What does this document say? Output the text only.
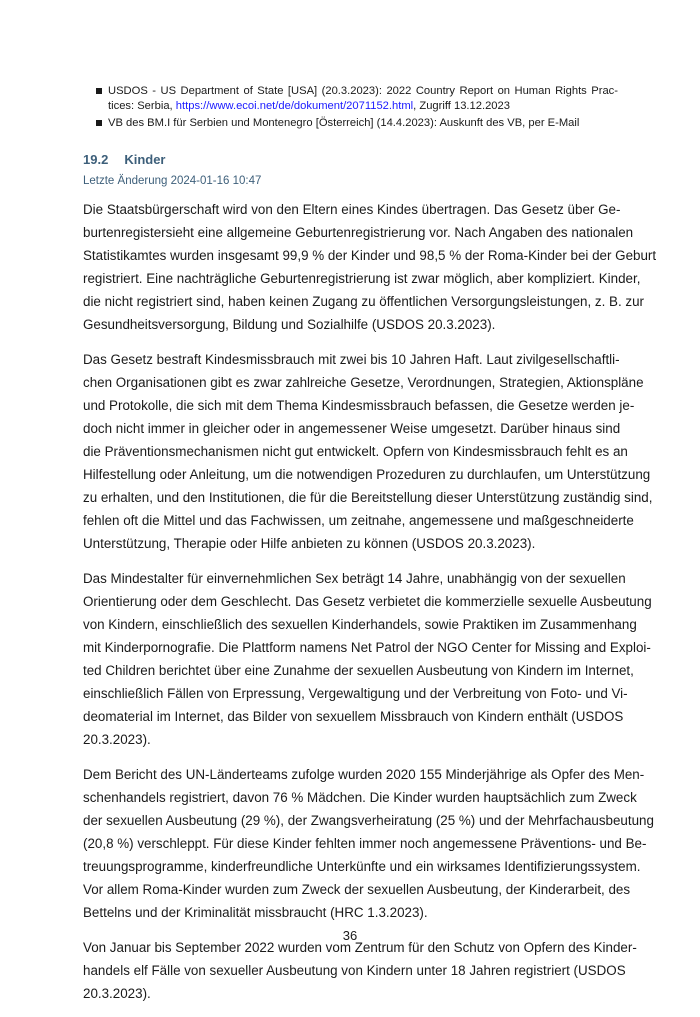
USDOS - US Department of State [USA] (20.3.2023): 2022 Country Report on Human Rights Prac-
tices: Serbia, https://www.ecoi.net/de/dokument/2071152.html, Zugriff 13.12.2023
VB des BM.I für Serbien und Montenegro [Österreich] (14.4.2023): Auskunft des VB, per E-Mail
19.2 Kinder
Letzte Änderung 2024-01-16 10:47
Die Staatsbürgerschaft wird von den Eltern eines Kindes übertragen. Das Gesetz über Ge-
burtenregistersieht eine allgemeine Geburtenregistrierung vor. Nach Angaben des nationalen
Statistikamtes wurden insgesamt 99,9 % der Kinder und 98,5 % der Roma-Kinder bei der Geburt
registriert. Eine nachträgliche Geburtenregistrierung ist zwar möglich, aber kompliziert. Kinder,
die nicht registriert sind, haben keinen Zugang zu öffentlichen Versorgungsleistungen, z. B. zur
Gesundheitsversorgung, Bildung und Sozialhilfe (USDOS 20.3.2023).
Das Gesetz bestraft Kindesmissbrauch mit zwei bis 10 Jahren Haft. Laut zivilgesellschaftli-
chen Organisationen gibt es zwar zahlreiche Gesetze, Verordnungen, Strategien, Aktionspläne
und Protokolle, die sich mit dem Thema Kindesmissbrauch befassen, die Gesetze werden je-
doch nicht immer in gleicher oder in angemessener Weise umgesetzt. Darüber hinaus sind
die Präventionsmechanismen nicht gut entwickelt. Opfern von Kindesmissbrauch fehlt es an
Hilfestellung oder Anleitung, um die notwendigen Prozeduren zu durchlaufen, um Unterstützung
zu erhalten, und den Institutionen, die für die Bereitstellung dieser Unterstützung zuständig sind,
fehlen oft die Mittel und das Fachwissen, um zeitnahe, angemessene und maßgeschneiderte
Unterstützung, Therapie oder Hilfe anbieten zu können (USDOS 20.3.2023).
Das Mindestalter für einvernehmlichen Sex beträgt 14 Jahre, unabhängig von der sexuellen
Orientierung oder dem Geschlecht. Das Gesetz verbietet die kommerzielle sexuelle Ausbeutung
von Kindern, einschließlich des sexuellen Kinderhandels, sowie Praktiken im Zusammenhang
mit Kinderpornografie. Die Plattform namens Net Patrol der NGO Center for Missing and Exploi-
ted Children berichtet über eine Zunahme der sexuellen Ausbeutung von Kindern im Internet,
einschließlich Fällen von Erpressung, Vergewaltigung und der Verbreitung von Foto- und Vi-
deomaterial im Internet, das Bilder von sexuellem Missbrauch von Kindern enthält (USDOS
20.3.2023).
Dem Bericht des UN-Länderteams zufolge wurden 2020 155 Minderjährige als Opfer des Men-
schenhandels registriert, davon 76 % Mädchen. Die Kinder wurden hauptsächlich zum Zweck
der sexuellen Ausbeutung (29 %), der Zwangsverheiratung (25 %) und der Mehrfachausbeutung
(20,8 %) verschleppt. Für diese Kinder fehlten immer noch angemessene Präventions- und Be-
treuungsprogramme, kinderfreundliche Unterkünfte und ein wirksames Identifizierungssystem.
Vor allem Roma-Kinder wurden zum Zweck der sexuellen Ausbeutung, der Kinderarbeit, des
Bettelns und der Kriminalität missbraucht (HRC 1.3.2023).
Von Januar bis September 2022 wurden vom Zentrum für den Schutz von Opfern des Kinder-
handels elf Fälle von sexueller Ausbeutung von Kindern unter 18 Jahren registriert (USDOS
20.3.2023).
36
